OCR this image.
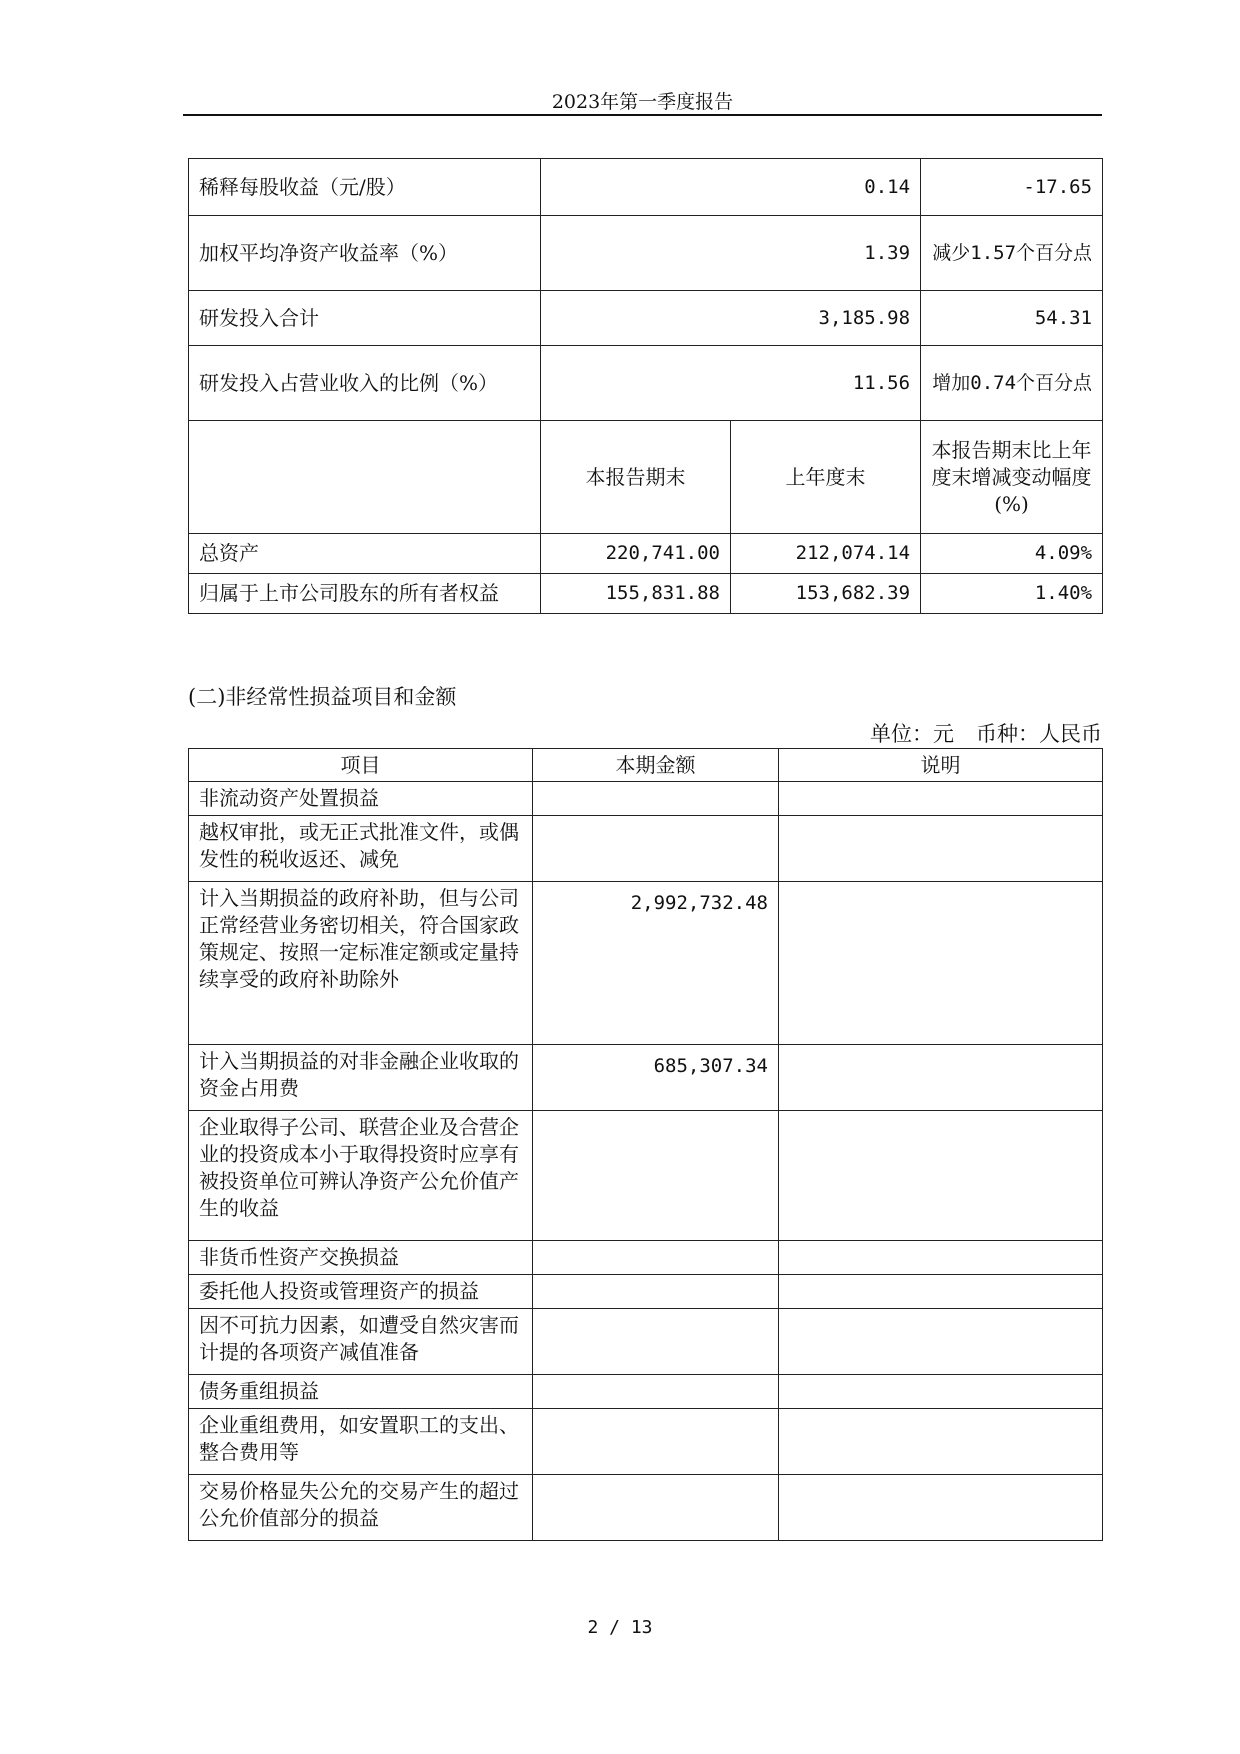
2023年第一季度报告
稀释每股收益（元/股）	0.14		-17.65
加权平均净资产收益率（%）	1.39		减少1.57个百分点
研发投入合计	3,185.98		54.31
研发投入占营业收入的比例（%）	11.56		增加0.74个百分点
	本报告期末	上年度末	本报告期末比上年度末增减变动幅度(%)
总资产	220,741.00	212,074.14	4.09%
归属于上市公司股东的所有者权益	155,831.88	153,682.39	1.40%
(二)非经常性损益项目和金额
单位：元 币种：人民币
项目	本期金额	说明
非流动资产处置损益		
越权审批，或无正式批准文件，或偶发性的税收返还、减免		
计入当期损益的政府补助，但与公司正常经营业务密切相关，符合国家政策规定、按照一定标准定额或定量持续享受的政府补助除外	2,992,732.48	
计入当期损益的对非金融企业收取的资金占用费	685,307.34	
企业取得子公司、联营企业及合营企业的投资成本小于取得投资时应享有被投资单位可辨认净资产公允价值产生的收益		
非货币性资产交换损益		
委托他人投资或管理资产的损益		
因不可抗力因素，如遭受自然灾害而计提的各项资产减值准备		
债务重组损益		
企业重组费用，如安置职工的支出、整合费用等		
交易价格显失公允的交易产生的超过公允价值部分的损益		
2 / 13
